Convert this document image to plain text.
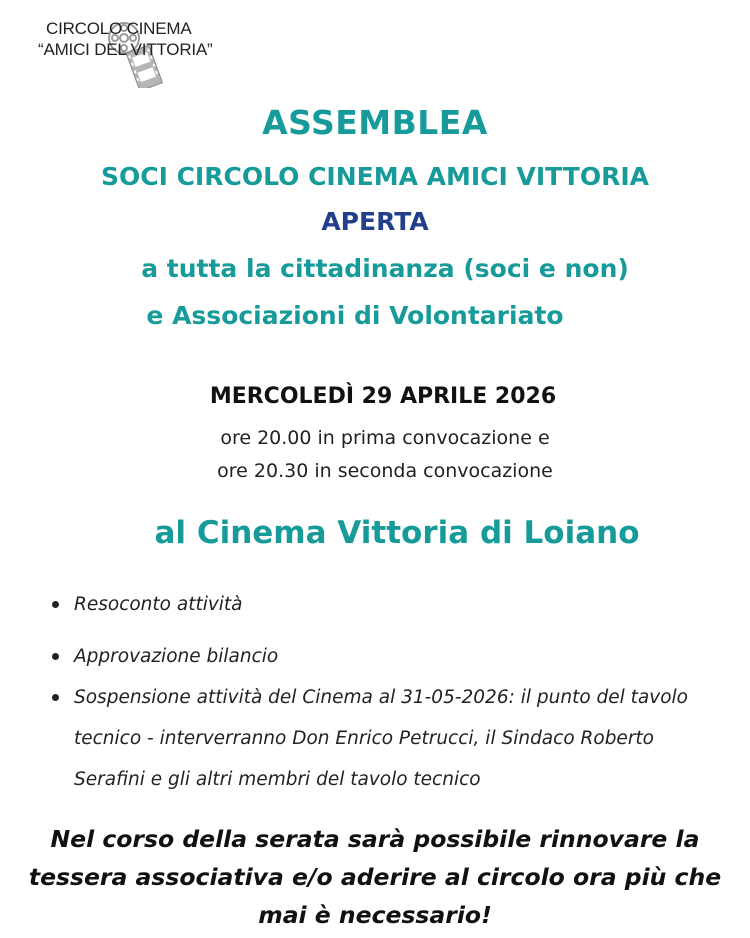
CIRCOLO CINEMA
“AMICI DEL VITTORIA”
ASSEMBLEA
SOCI CIRCOLO CINEMA AMICI VITTORIA
APERTA
a tutta la cittadinanza (soci e non)
e Associazioni di Volontariato
MERCOLEDÌ 29 APRILE 2026
ore 20.00 in prima convocazione e
ore 20.30 in seconda convocazione
al Cinema Vittoria di Loiano
Resoconto attività
Approvazione bilancio
Sospensione attività del Cinema al 31-05-2026: il punto del tavolo tecnico - interverranno Don Enrico Petrucci, il Sindaco Roberto Serafini e gli altri membri del tavolo tecnico
Nel corso della serata sarà possibile rinnovare la tessera associativa e/o aderire al circolo ora più che mai è necessario!
